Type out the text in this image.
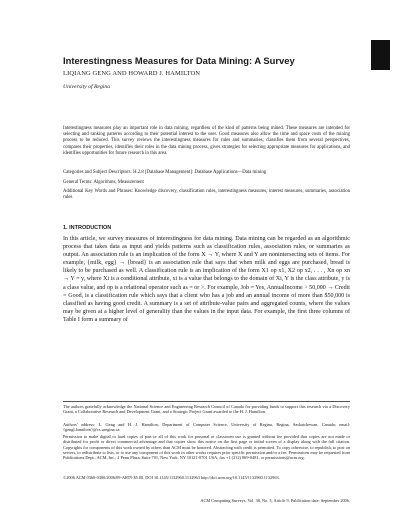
Interestingness Measures for Data Mining: A Survey

LIQIANG GENG AND HOWARD J. HAMILTON

University of Regina

Interestingness measures play an important role in data mining, regardless of the kind of patterns being mined. These measures are intended for selecting and ranking patterns according to their potential interest to the user. Good measures also allow the time and space costs of the mining process to be reduced. This survey reviews the interestingness measures for rules and summaries, classifies them from several perspectives, compares their properties, identifies their roles in the data mining process, gives strategies for selecting appropriate measures for applications, and identifies opportunities for future research in this area.

Categories and Subject Descriptors: H.2.8 [Database Management]: Database Applications—Data mining

General Terms: Algorithms, Measurement

Additional Key Words and Phrases: Knowledge discovery, classification rules, interestingness measures, interest measures, summaries, association rules

1. INTRODUCTION

In this article, we survey measures of interestingness for data mining. Data mining can be regarded as an algorithmic process that takes data as input and yields patterns such as classification rules, association rules, or summaries as output. An association rule is an implication of the form X → Y, where X and Y are nonintersecting sets of items. For example, {milk, egg} → {bread} is an association rule that says that when milk and eggs are purchased, bread is likely to be purchased as well. A classification rule is an implication of the form X1 op x1, X2 op x2, . . . , Xn op xn → Y = y, where Xi is a conditional attribute, xi is a value that belongs to the domain of Xi, Y is the class attribute, y is a class value, and op is a relational operator such as = or >. For example, Job = Yes, AnnualIncome > 50,000 → Credit = Good, is a classification rule which says that a client who has a job and an annual income of more than $50,000 is classified as having good credit. A summary is a set of attribute-value pairs and aggregated counts, where the values may be given at a higher level of generality than the values in the input data. For example, the first three columns of Table I form a summary of

The authors gratefully acknowledge the National Science and Engineering Research Council of Canada for providing funds to support this research via a Discovery Grant, a Collaborative Research and Development Grant, and a Strategic Project Grant awarded to the H. J. Hamilton.

Authors' address: L. Geng and H. J. Hamilton, Department of Computer Science, University of Regina, Regina, Saskatchewan, Canada; email: {gengl,hamilton}@cs.uregina.ca.

Permission to make digital or hard copies of part or all of this work for personal or classroom use is granted without fee provided that copies are not made or distributed for profit or direct commercial advantage and that copies show this notice on the first page or initial screen of a display along with the full citation. Copyrights for components of this work owned by others than ACM must be honored. Abstracting with credit is permitted. To copy otherwise, to republish, to post on servers, to redistribute to lists, or to use any component of this work in other works requires prior specific permission and/or a fee. Permissions may be requested from Publications Dept., ACM, Inc., 2 Penn Plaza, Suite 701, New York, NY 10121-0701 USA, fax +1 (212) 869-0481, or permissions@acm.org.

©2006 ACM 0360-0300/2006/09-ART9 $5.00. DOI 10.1145/1132960.1132963 http://doi.acm.org/10.1145/1132960.1132963.

ACM Computing Surveys, Vol. 38, No. 3, Article 9, Publication date: September 2006.
